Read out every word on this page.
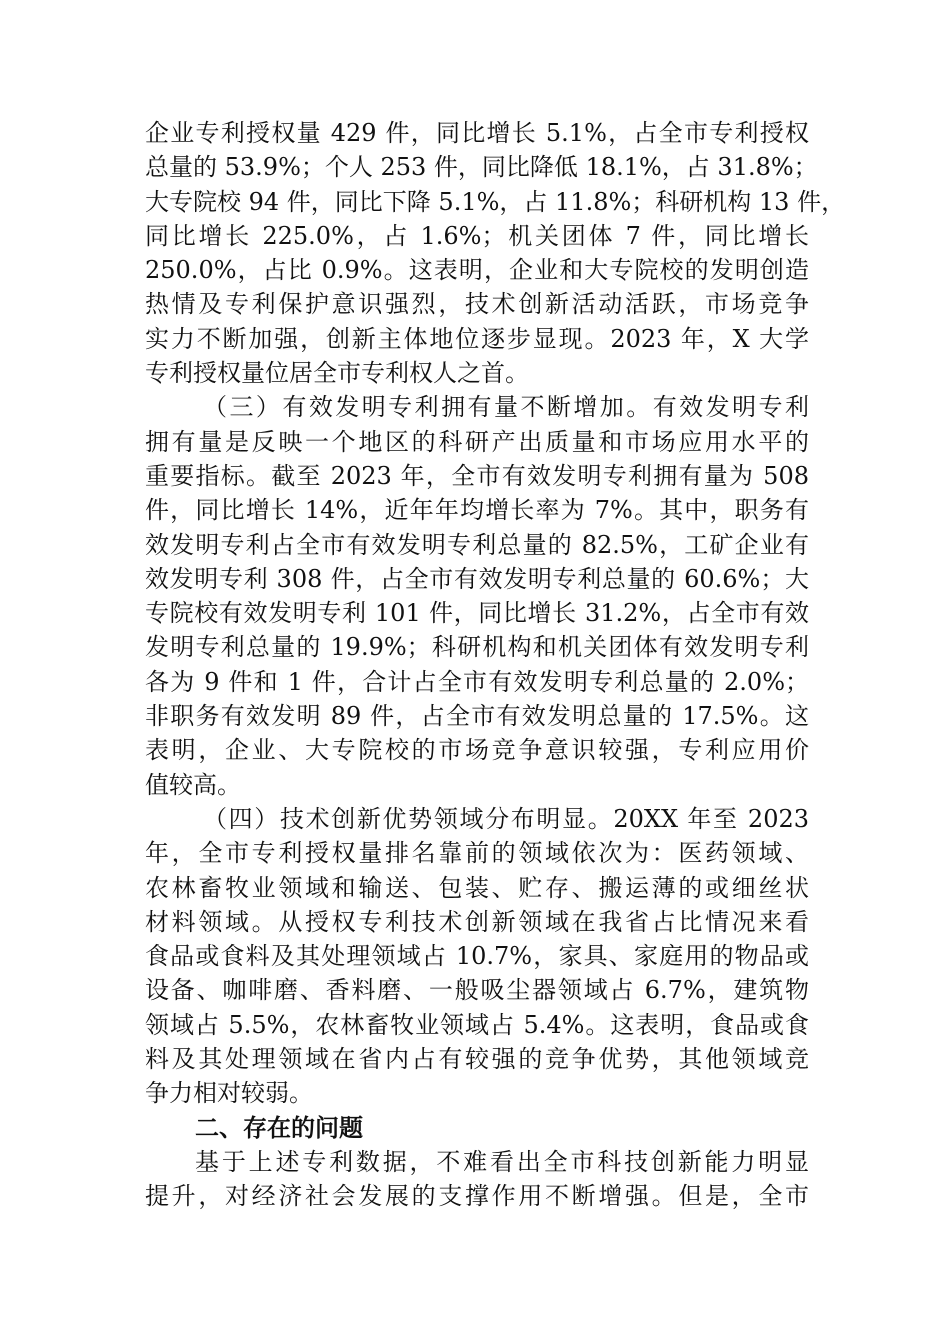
企业专利授权量 429 件，同比增长 5.1%，占全市专利授权
总量的 53.9%；个人 253 件，同比降低 18.1%，占 31.8%；
大专院校 94 件，同比下降 5.1%，占 11.8%；科研机构 13 件，
同比增长 225.0%，占 1.6%；机关团体 7 件，同比增长
250.0%，占比 0.9%。这表明，企业和大专院校的发明创造
热情及专利保护意识强烈，技术创新活动活跃，市场竞争
实力不断加强，创新主体地位逐步显现。2023 年，X 大学
专利授权量位居全市专利权人之首。
（三）有效发明专利拥有量不断增加。有效发明专利
拥有量是反映一个地区的科研产出质量和市场应用水平的
重要指标。截至 2023 年，全市有效发明专利拥有量为 508
件，同比增长 14%，近年年均增长率为 7%。其中，职务有
效发明专利占全市有效发明专利总量的 82.5%，工矿企业有
效发明专利 308 件，占全市有效发明专利总量的 60.6%；大
专院校有效发明专利 101 件，同比增长 31.2%，占全市有效
发明专利总量的 19.9%；科研机构和机关团体有效发明专利
各为 9 件和 1 件，合计占全市有效发明专利总量的 2.0%；
非职务有效发明 89 件，占全市有效发明总量的 17.5%。这
表明，企业、大专院校的市场竞争意识较强，专利应用价
值较高。
（四）技术创新优势领域分布明显。20XX 年至 2023
年，全市专利授权量排名靠前的领域依次为：医药领域、
农林畜牧业领域和输送、包装、贮存、搬运薄的或细丝状
材料领域。从授权专利技术创新领域在我省占比情况来看
食品或食料及其处理领域占 10.7%，家具、家庭用的物品或
设备、咖啡磨、香料磨、一般吸尘器领域占 6.7%，建筑物
领域占 5.5%，农林畜牧业领域占 5.4%。这表明，食品或食
料及其处理领域在省内占有较强的竞争优势，其他领域竞
争力相对较弱。
二、存在的问题
基于上述专利数据，不难看出全市科技创新能力明显
提升，对经济社会发展的支撑作用不断增强。但是，全市
